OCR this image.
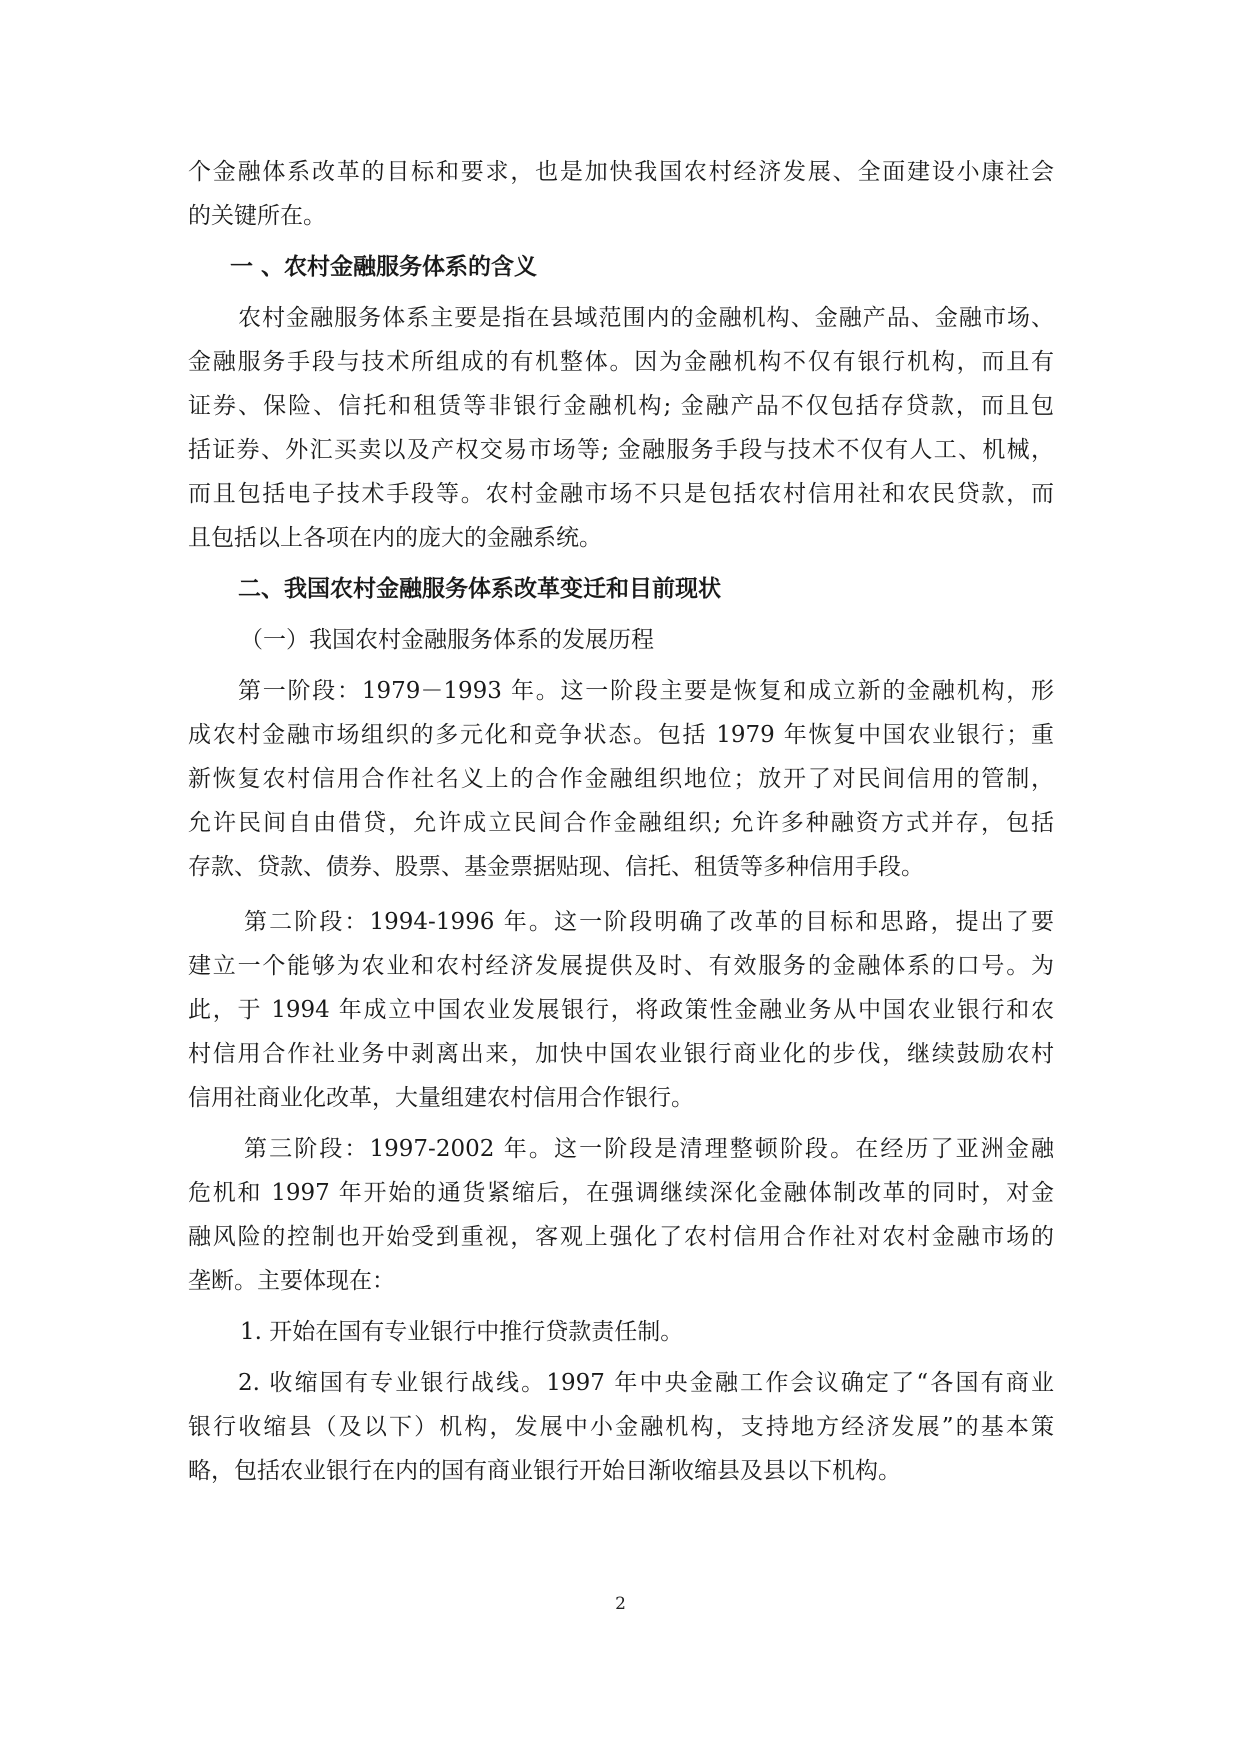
个金融体系改革的目标和要求，也是加快我国农村经济发展、全面建设小康社会
的关键所在。
一 、农村金融服务体系的含义
农村金融服务体系主要是指在县域范围内的金融机构、金融产品、金融市场、
金融服务手段与技术所组成的有机整体。因为金融机构不仅有银行机构，而且有
证券、保险、信托和租赁等非银行金融机构; 金融产品不仅包括存贷款，而且包
括证券、外汇买卖以及产权交易市场等; 金融服务手段与技术不仅有人工、机械，
而且包括电子技术手段等。农村金融市场不只是包括农村信用社和农民贷款，而
且包括以上各项在内的庞大的金融系统。
二、我国农村金融服务体系改革变迁和目前现状
（一）我国农村金融服务体系的发展历程
第一阶段：1979－1993 年。这一阶段主要是恢复和成立新的金融机构，形
成农村金融市场组织的多元化和竞争状态。包括 1979 年恢复中国农业银行；重
新恢复农村信用合作社名义上的合作金融组织地位；放开了对民间信用的管制，
允许民间自由借贷，允许成立民间合作金融组织; 允许多种融资方式并存，包括
存款、贷款、债券、股票、基金票据贴现、信托、租赁等多种信用手段。
第二阶段：1994-1996 年。这一阶段明确了改革的目标和思路，提出了要
建立一个能够为农业和农村经济发展提供及时、有效服务的金融体系的口号。为
此，于 1994 年成立中国农业发展银行，将政策性金融业务从中国农业银行和农
村信用合作社业务中剥离出来，加快中国农业银行商业化的步伐，继续鼓励农村
信用社商业化改革，大量组建农村信用合作银行。
第三阶段：1997-2002 年。这一阶段是清理整顿阶段。在经历了亚洲金融
危机和 1997 年开始的通货紧缩后，在强调继续深化金融体制改革的同时，对金
融风险的控制也开始受到重视，客观上强化了农村信用合作社对农村金融市场的
垄断。主要体现在：
1. 开始在国有专业银行中推行贷款责任制。
2. 收缩国有专业银行战线。1997 年中央金融工作会议确定了“各国有商业
银行收缩县（及以下）机构，发展中小金融机构，支持地方经济发展”的基本策
略，包括农业银行在内的国有商业银行开始日渐收缩县及县以下机构。
2
